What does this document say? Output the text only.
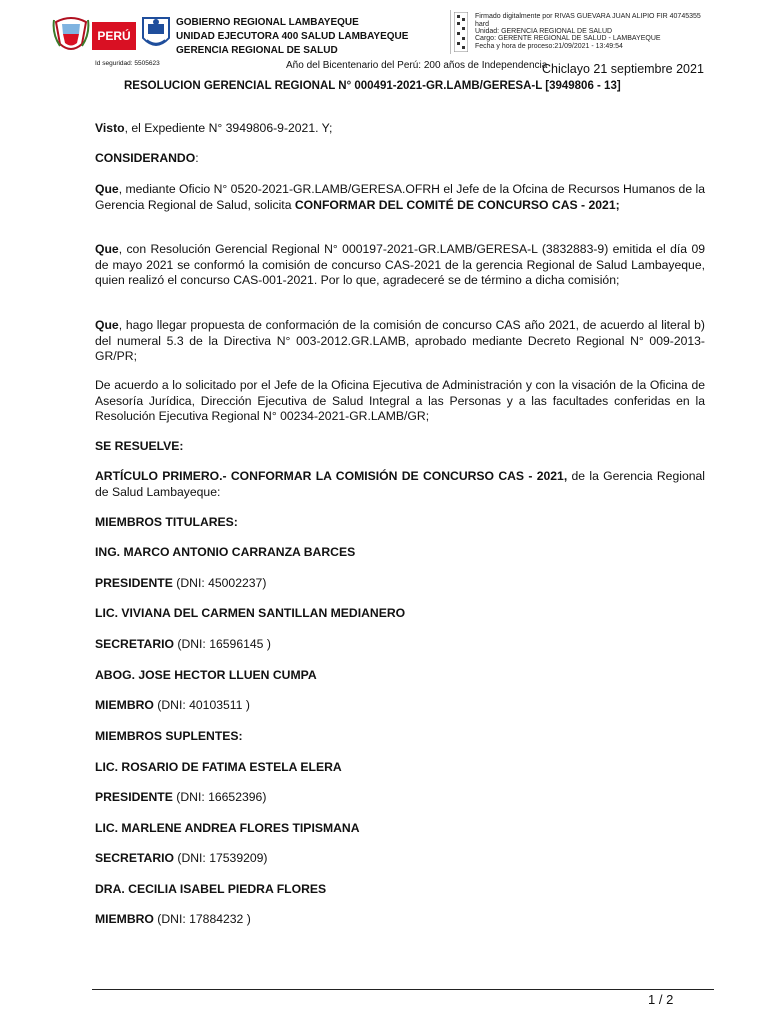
PERÚ
GOBIERNO REGIONAL LAMBAYEQUE
UNIDAD EJECUTORA 400 SALUD LAMBAYEQUE
GERENCIA REGIONAL DE SALUD
Firmado digitalmente por RIVAS GUEVARA JUAN ALIPIO FIR 40745355
hard
Unidad: GERENCIA REGIONAL DE SALUD
Cargo: GERENTE REGIONAL DE SALUD - LAMBAYEQUE
Fecha y hora de proceso:21/09/2021 - 13:49:54
Id seguridad: 5505623	Año del Bicentenario del Perú: 200 años de Independencia
Chiclayo 21 septiembre 2021
RESOLUCION GERENCIAL REGIONAL N° 000491-2021-GR.LAMB/GERESA-L [3949806 - 13]
Visto, el Expediente N° 3949806-9-2021. Y;
CONSIDERANDO:
Que, mediante Oficio N° 0520-2021-GR.LAMB/GERESA.OFRH el Jefe de la Ofcina de Recursos Humanos de la Gerencia Regional de Salud, solicita CONFORMAR DEL COMITÉ DE CONCURSO CAS - 2021;
Que, con Resolución Gerencial Regional N° 000197-2021-GR.LAMB/GERESA-L (3832883-9) emitida el día 09 de mayo 2021 se conformó la comisión de concurso CAS-2021 de la gerencia Regional de Salud Lambayeque, quien realizó el concurso CAS-001-2021. Por lo que, agradeceré se de término a dicha comisión;
Que, hago llegar propuesta de conformación de la comisión de concurso CAS año 2021, de acuerdo al literal b) del numeral 5.3 de la Directiva N° 003-2012.GR.LAMB, aprobado mediante Decreto Regional N° 009-2013-GR/PR;
De acuerdo a lo solicitado por el Jefe de la Oficina Ejecutiva de Administración y con la visación de la Oficina de Asesoría Jurídica, Dirección Ejecutiva de Salud Integral a las Personas y a las facultades conferidas en la Resolución Ejecutiva Regional N° 00234-2021-GR.LAMB/GR;
SE RESUELVE:
ARTÍCULO PRIMERO.- CONFORMAR LA COMISIÓN DE CONCURSO CAS - 2021, de la Gerencia Regional de Salud Lambayeque:
MIEMBROS TITULARES:
ING. MARCO ANTONIO CARRANZA BARCES
PRESIDENTE (DNI: 45002237)
LIC. VIVIANA DEL CARMEN SANTILLAN MEDIANERO
SECRETARIO (DNI: 16596145 )
ABOG. JOSE HECTOR LLUEN CUMPA
MIEMBRO (DNI: 40103511 )
MIEMBROS SUPLENTES:
LIC. ROSARIO DE FATIMA ESTELA ELERA
PRESIDENTE (DNI: 16652396)
LIC. MARLENE ANDREA FLORES TIPISMANA
SECRETARIO (DNI: 17539209)
DRA. CECILIA ISABEL PIEDRA FLORES
MIEMBRO (DNI: 17884232 )
1 / 2
